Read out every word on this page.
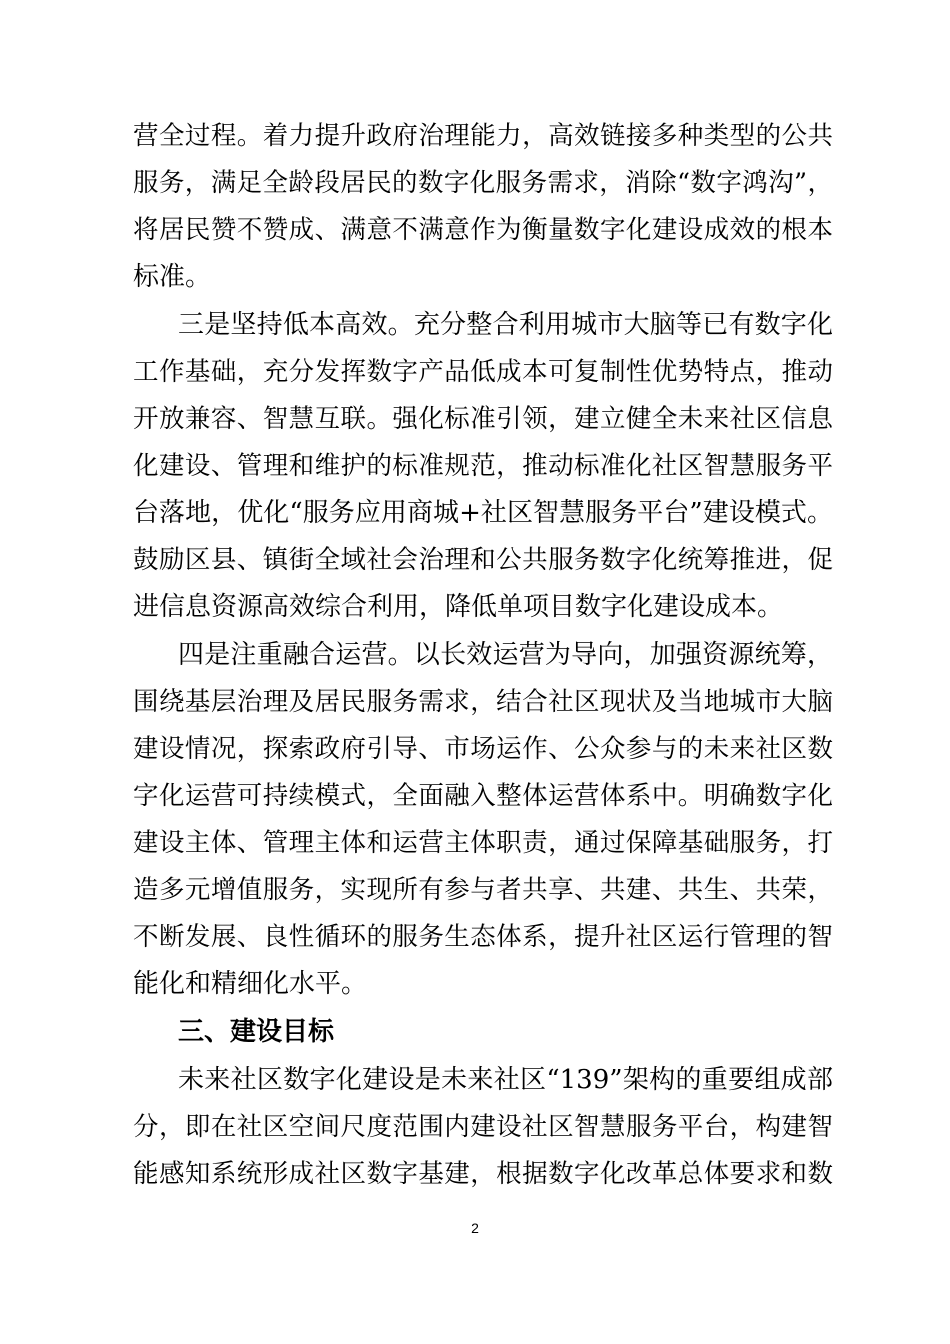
营全过程。着力提升政府治理能力，高效链接多种类型的公共
服务，满足全龄段居民的数字化服务需求，消除“数字鸿沟”，
将居民赞不赞成、满意不满意作为衡量数字化建设成效的根本
标准。
三是坚持低本高效。充分整合利用城市大脑等已有数字化
工作基础，充分发挥数字产品低成本可复制性优势特点，推动
开放兼容、智慧互联。强化标准引领，建立健全未来社区信息
化建设、管理和维护的标准规范，推动标准化社区智慧服务平
台落地，优化“服务应用商城+社区智慧服务平台”建设模式。
鼓励区县、镇街全域社会治理和公共服务数字化统筹推进，促
进信息资源高效综合利用，降低单项目数字化建设成本。
四是注重融合运营。以长效运营为导向，加强资源统筹，
围绕基层治理及居民服务需求，结合社区现状及当地城市大脑
建设情况，探索政府引导、市场运作、公众参与的未来社区数
字化运营可持续模式，全面融入整体运营体系中。明确数字化
建设主体、管理主体和运营主体职责，通过保障基础服务，打
造多元增值服务，实现所有参与者共享、共建、共生、共荣，
不断发展、良性循环的服务生态体系，提升社区运行管理的智
能化和精细化水平。
三、建设目标
未来社区数字化建设是未来社区“139”架构的重要组成部
分，即在社区空间尺度范围内建设社区智慧服务平台，构建智
能感知系统形成社区数字基建，根据数字化改革总体要求和数
2
